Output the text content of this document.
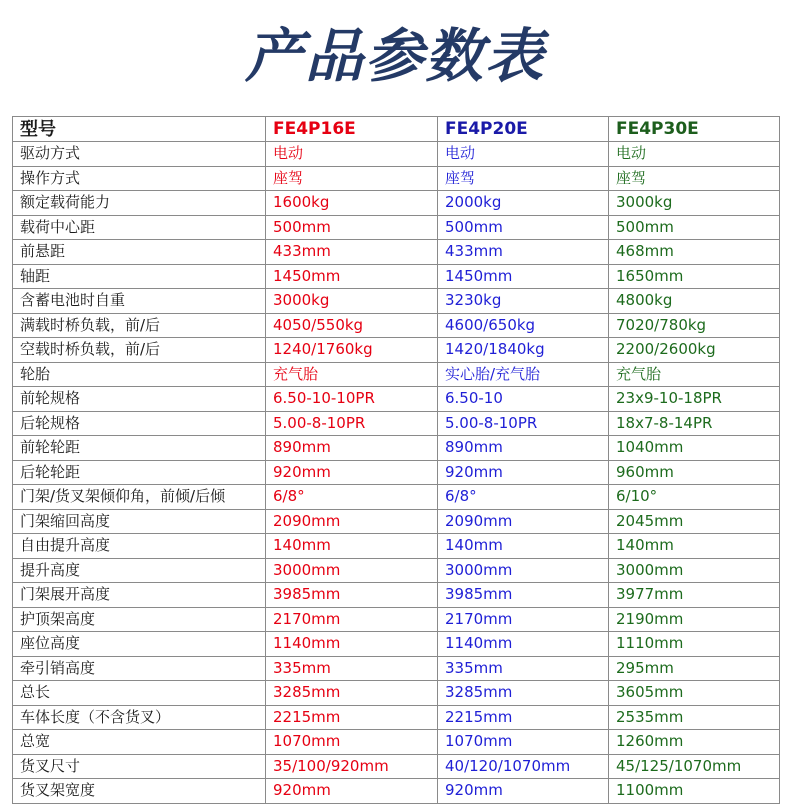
产品参数表
型号	FE4P16E	FE4P20E	FE4P30E
驱动方式	电动	电动	电动
操作方式	座驾	座驾	座驾
额定载荷能力	1600kg	2000kg	3000kg
载荷中心距	500mm	500mm	500mm
前悬距	433mm	433mm	468mm
轴距	1450mm	1450mm	1650mm
含蓄电池时自重	3000kg	3230kg	4800kg
满载时桥负载，前/后	4050/550kg	4600/650kg	7020/780kg
空载时桥负载，前/后	1240/1760kg	1420/1840kg	2200/2600kg
轮胎	充气胎	实心胎/充气胎	充气胎
前轮规格	6.50-10-10PR	6.50-10	23x9-10-18PR
后轮规格	5.00-8-10PR	5.00-8-10PR	18x7-8-14PR
前轮轮距	890mm	890mm	1040mm
后轮轮距	920mm	920mm	960mm
门架/货叉架倾仰角，前倾/后倾	6/8°	6/8°	6/10°
门架缩回高度	2090mm	2090mm	2045mm
自由提升高度	140mm	140mm	140mm
提升高度	3000mm	3000mm	3000mm
门架展开高度	3985mm	3985mm	3977mm
护顶架高度	2170mm	2170mm	2190mm
座位高度	1140mm	1140mm	1110mm
牵引销高度	335mm	335mm	295mm
总长	3285mm	3285mm	3605mm
车体长度（不含货叉）	2215mm	2215mm	2535mm
总宽	1070mm	1070mm	1260mm
货叉尺寸	35/100/920mm	40/120/1070mm	45/125/1070mm
货叉架宽度	920mm	920mm	1100mm
